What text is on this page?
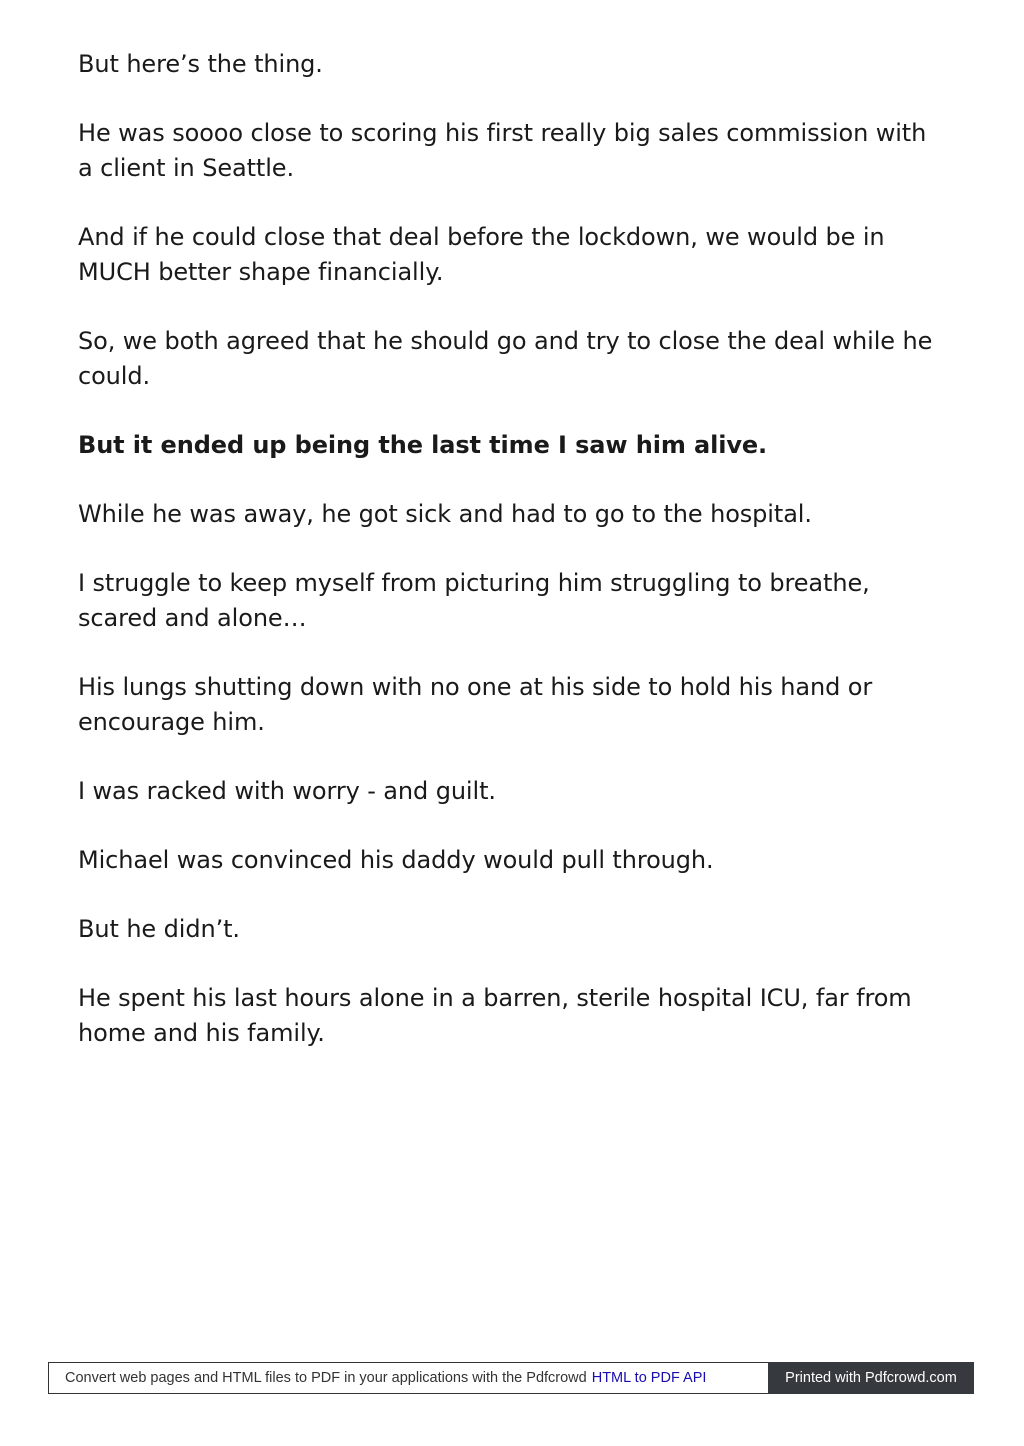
But here’s the thing.

He was soooo close to scoring his first really big sales commission with a client in Seattle.

And if he could close that deal before the lockdown, we would be in MUCH better shape financially.

So, we both agreed that he should go and try to close the deal while he could.

But it ended up being the last time I saw him alive.

While he was away, he got sick and had to go to the hospital.

I struggle to keep myself from picturing him struggling to breathe, scared and alone…

His lungs shutting down with no one at his side to hold his hand or encourage him.

I was racked with worry - and guilt.

Michael was convinced his daddy would pull through.

But he didn’t.

He spent his last hours alone in a barren, sterile hospital ICU, far from home and his family.

Convert web pages and HTML files to PDF in your applications with the Pdfcrowd HTML to PDF API	Printed with Pdfcrowd.com
